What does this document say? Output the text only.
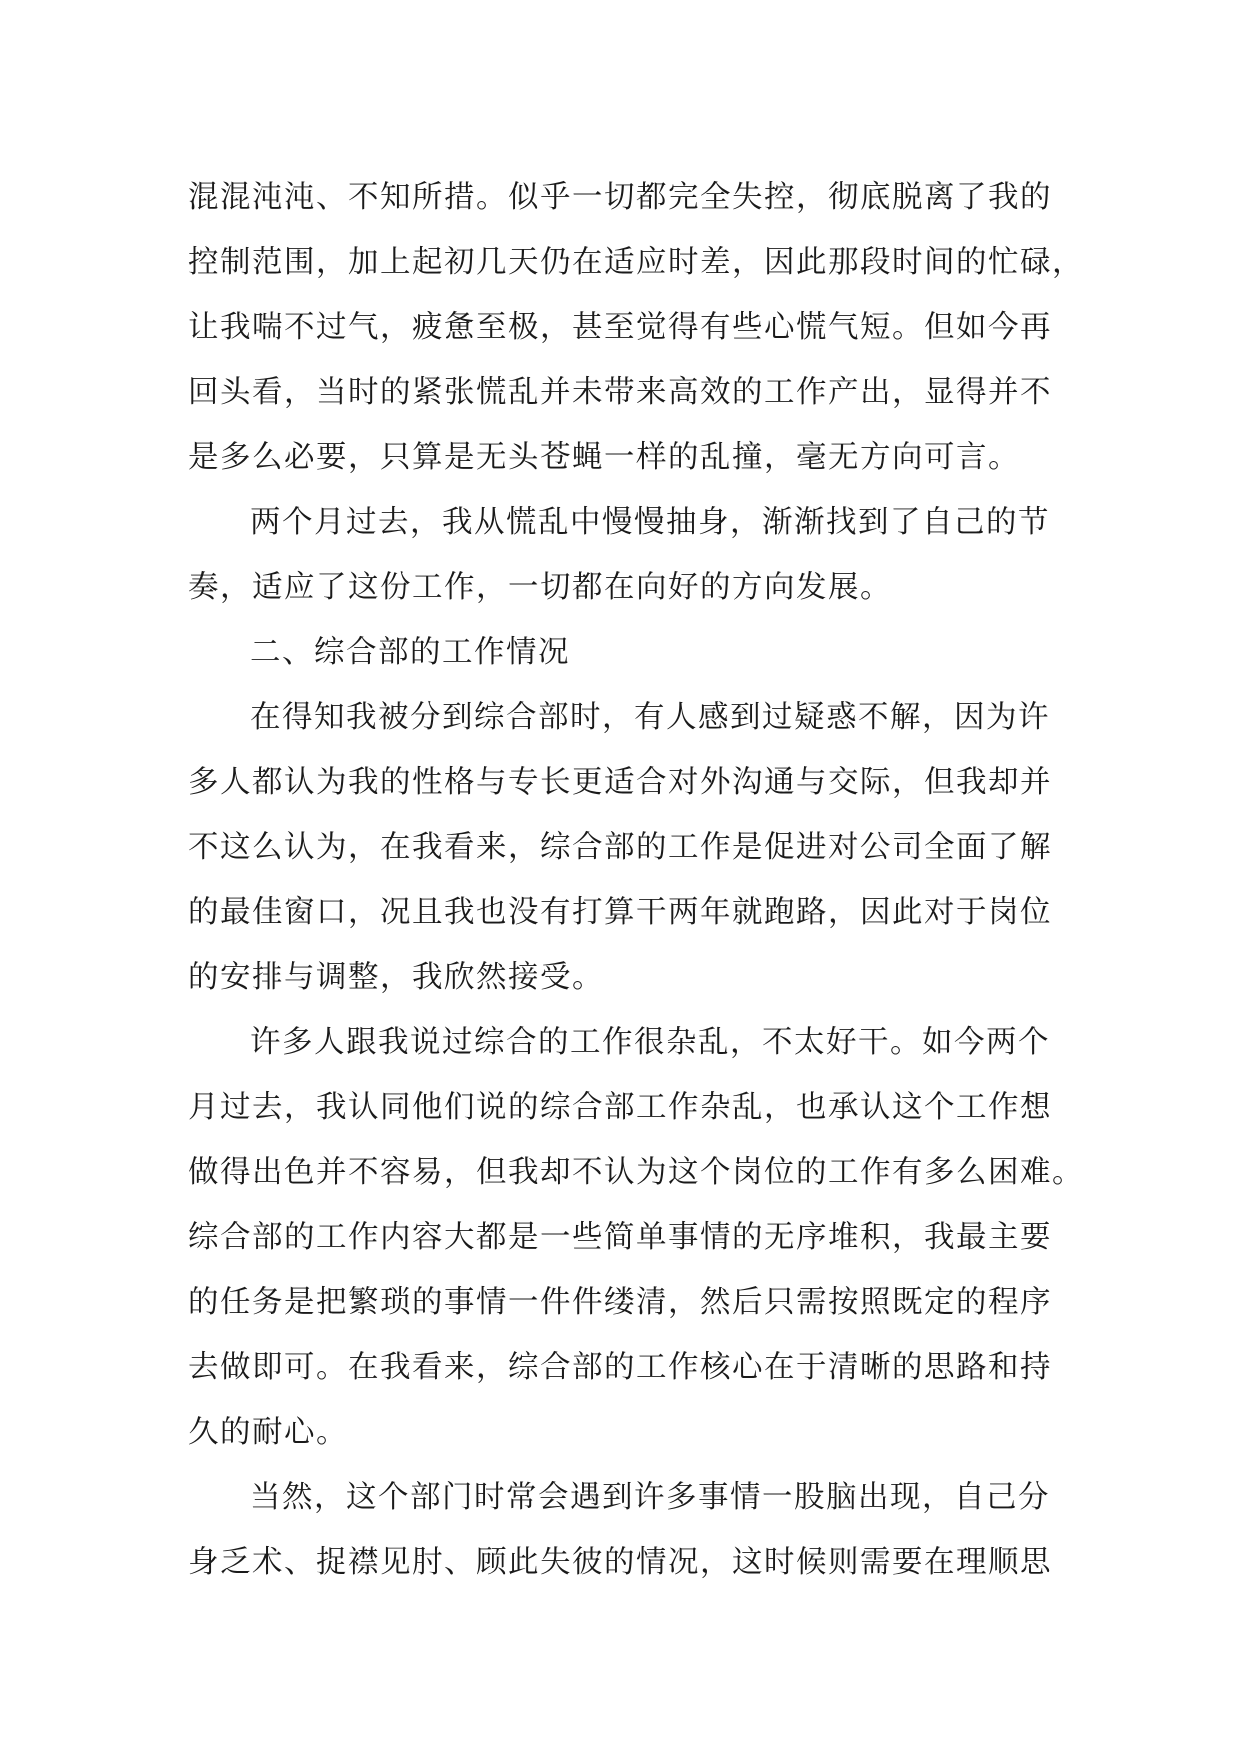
混混沌沌、不知所措。似乎一切都完全失控，彻底脱离了我的
控制范围，加上起初几天仍在适应时差，因此那段时间的忙碌，
让我喘不过气，疲惫至极，甚至觉得有些心慌气短。但如今再
回头看，当时的紧张慌乱并未带来高效的工作产出，显得并不
是多么必要，只算是无头苍蝇一样的乱撞，毫无方向可言。
两个月过去，我从慌乱中慢慢抽身，渐渐找到了自己的节
奏，适应了这份工作，一切都在向好的方向发展。
二、综合部的工作情况
在得知我被分到综合部时，有人感到过疑惑不解，因为许
多人都认为我的性格与专长更适合对外沟通与交际，但我却并
不这么认为，在我看来，综合部的工作是促进对公司全面了解
的最佳窗口，况且我也没有打算干两年就跑路，因此对于岗位
的安排与调整，我欣然接受。
许多人跟我说过综合的工作很杂乱，不太好干。如今两个
月过去，我认同他们说的综合部工作杂乱，也承认这个工作想
做得出色并不容易，但我却不认为这个岗位的工作有多么困难。
综合部的工作内容大都是一些简单事情的无序堆积，我最主要
的任务是把繁琐的事情一件件缕清，然后只需按照既定的程序
去做即可。在我看来，综合部的工作核心在于清晰的思路和持
久的耐心。
当然，这个部门时常会遇到许多事情一股脑出现，自己分
身乏术、捉襟见肘、顾此失彼的情况，这时候则需要在理顺思
